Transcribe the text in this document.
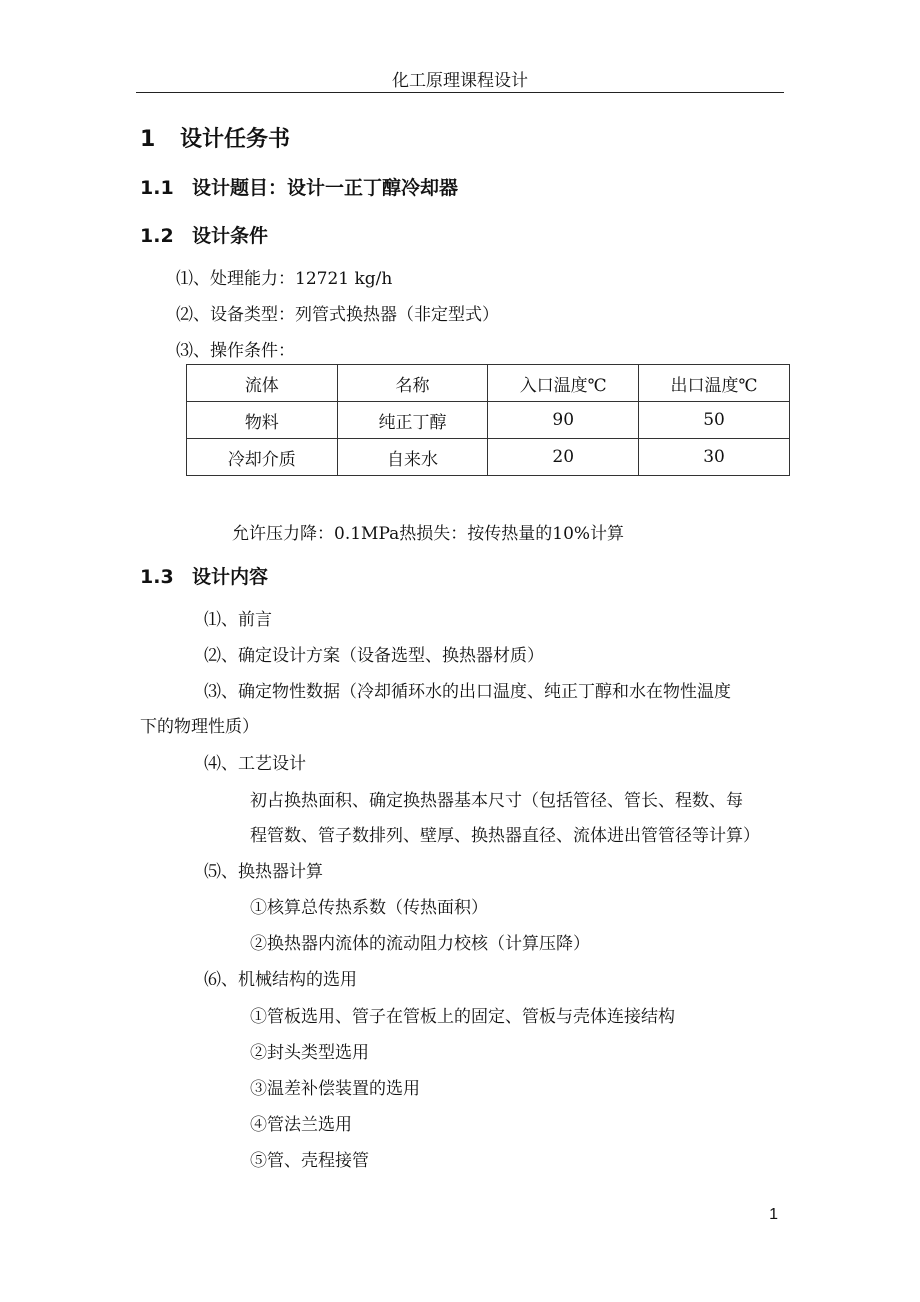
化工原理课程设计
1 设计任务书
1.1 设计题目：设计一正丁醇冷却器
1.2 设计条件
⑴、处理能力：12721 kg/h
⑵、设备类型：列管式换热器（非定型式）
⑶、操作条件：
流体	名称	入口温度℃	出口温度℃
物料	纯正丁醇	90	50
冷却介质	自来水	20	30
允许压力降：0.1MPa热损失：按传热量的10%计算
1.3 设计内容
⑴、前言
⑵、确定设计方案（设备选型、换热器材质）
⑶、确定物性数据（冷却循环水的出口温度、纯正丁醇和水在物性温度
下的物理性质）
⑷、工艺设计
初占换热面积、确定换热器基本尺寸（包括管径、管长、程数、每
程管数、管子数排列、壁厚、换热器直径、流体进出管管径等计算）
⑸、换热器计算
①核算总传热系数（传热面积）
②换热器内流体的流动阻力校核（计算压降）
⑹、机械结构的选用
①管板选用、管子在管板上的固定、管板与壳体连接结构
②封头类型选用
③温差补偿装置的选用
④管法兰选用
⑤管、壳程接管
1
